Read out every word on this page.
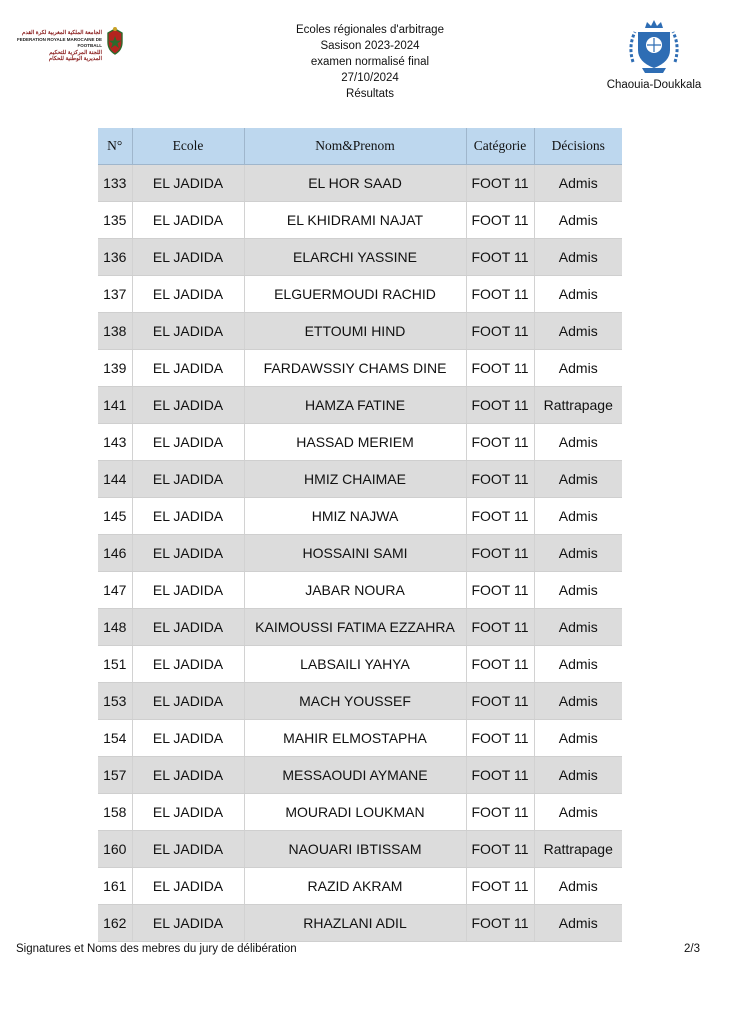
الجامعة الملكية المغربية لكرة القدم
FEDERATION ROYALE MAROCAINE DE FOOTBALL
اللجنة المركزية للتحكيم
المديرية الوطنية للحكام
Ecoles régionales d'arbitrage
Sasison 2023-2024
examen normalisé final
27/10/2024
Résultats
Chaouia-Doukkala
N°	Ecole	Nom&Prenom	Catégorie	Décisions
133	EL JADIDA	EL HOR SAAD	FOOT 11	Admis
135	EL JADIDA	EL KHIDRAMI NAJAT	FOOT 11	Admis
136	EL JADIDA	ELARCHI YASSINE	FOOT 11	Admis
137	EL JADIDA	ELGUERMOUDI RACHID	FOOT 11	Admis
138	EL JADIDA	ETTOUMI HIND	FOOT 11	Admis
139	EL JADIDA	FARDAWSSIY CHAMS DINE	FOOT 11	Admis
141	EL JADIDA	HAMZA FATINE	FOOT 11	Rattrapage
143	EL JADIDA	HASSAD MERIEM	FOOT 11	Admis
144	EL JADIDA	HMIZ CHAIMAE	FOOT 11	Admis
145	EL JADIDA	HMIZ NAJWA	FOOT 11	Admis
146	EL JADIDA	HOSSAINI SAMI	FOOT 11	Admis
147	EL JADIDA	JABAR NOURA	FOOT 11	Admis
148	EL JADIDA	KAIMOUSSI FATIMA EZZAHRA	FOOT 11	Admis
151	EL JADIDA	LABSAILI YAHYA	FOOT 11	Admis
153	EL JADIDA	MACH YOUSSEF	FOOT 11	Admis
154	EL JADIDA	MAHIR ELMOSTAPHA	FOOT 11	Admis
157	EL JADIDA	MESSAOUDI AYMANE	FOOT 11	Admis
158	EL JADIDA	MOURADI LOUKMAN	FOOT 11	Admis
160	EL JADIDA	NAOUARI IBTISSAM	FOOT 11	Rattrapage
161	EL JADIDA	RAZID AKRAM	FOOT 11	Admis
162	EL JADIDA	RHAZLANI ADIL	FOOT 11	Admis
Signatures et Noms des mebres du jury de délibération	2/3
